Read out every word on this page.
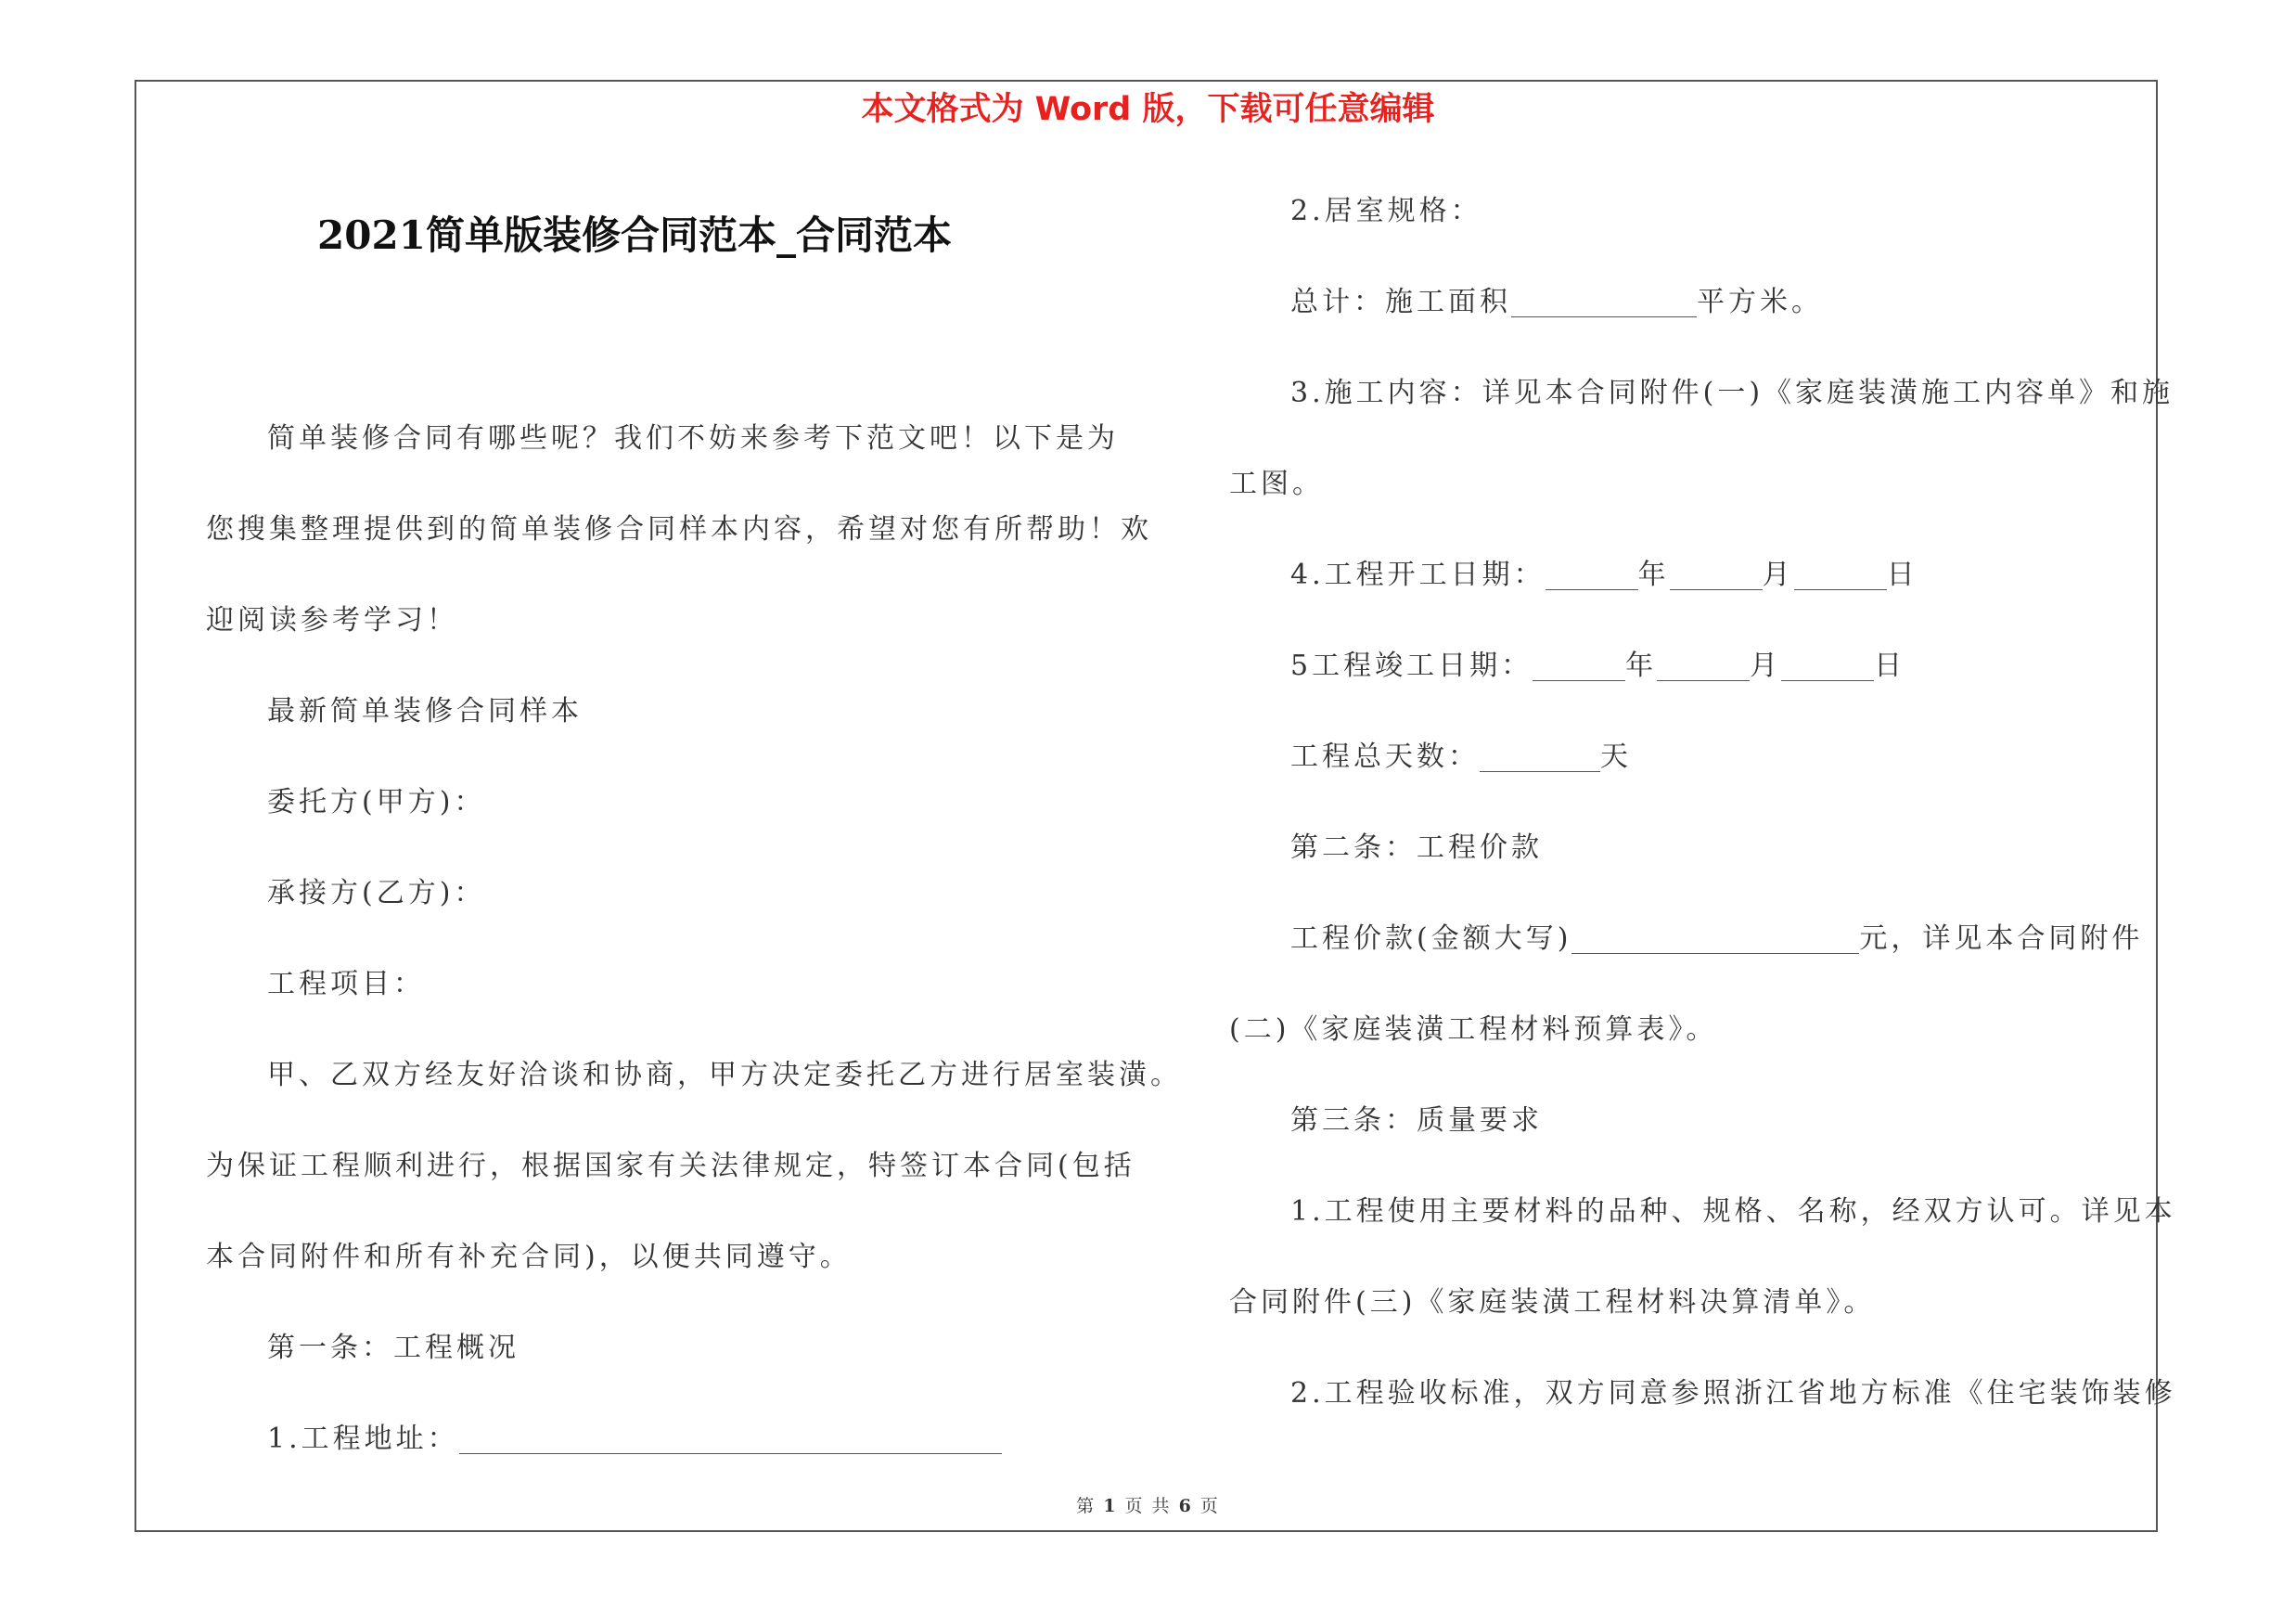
本文格式为 Word 版，下载可任意编辑
2021简单版装修合同范本_合同范本
简单装修合同有哪些呢？我们不妨来参考下范文吧！以下是为
您搜集整理提供到的简单装修合同样本内容，希望对您有所帮助！欢
迎阅读参考学习！
最新简单装修合同样本
委托方(甲方)：
承接方(乙方)：
工程项目：
甲、乙双方经友好洽谈和协商，甲方决定委托乙方进行居室装潢。
为保证工程顺利进行，根据国家有关法律规定，特签订本合同(包括
本合同附件和所有补充合同)，以便共同遵守。
第一条：工程概况
1.工程地址：
2.居室规格：
总计：施工面积	平方米。
3.施工内容：详见本合同附件(一)《家庭装潢施工内容单》和施
工图。
4.工程开工日期：	年	月	日
5工程竣工日期：	年	月	日
工程总天数：	天
第二条：工程价款
工程价款(金额大写)	元，详见本合同附件
(二)《家庭装潢工程材料预算表》。
第三条：质量要求
1.工程使用主要材料的品种、规格、名称，经双方认可。详见本
合同附件(三)《家庭装潢工程材料决算清单》。
2.工程验收标准，双方同意参照浙江省地方标准《住宅装饰装修
第 1 页 共 6 页
